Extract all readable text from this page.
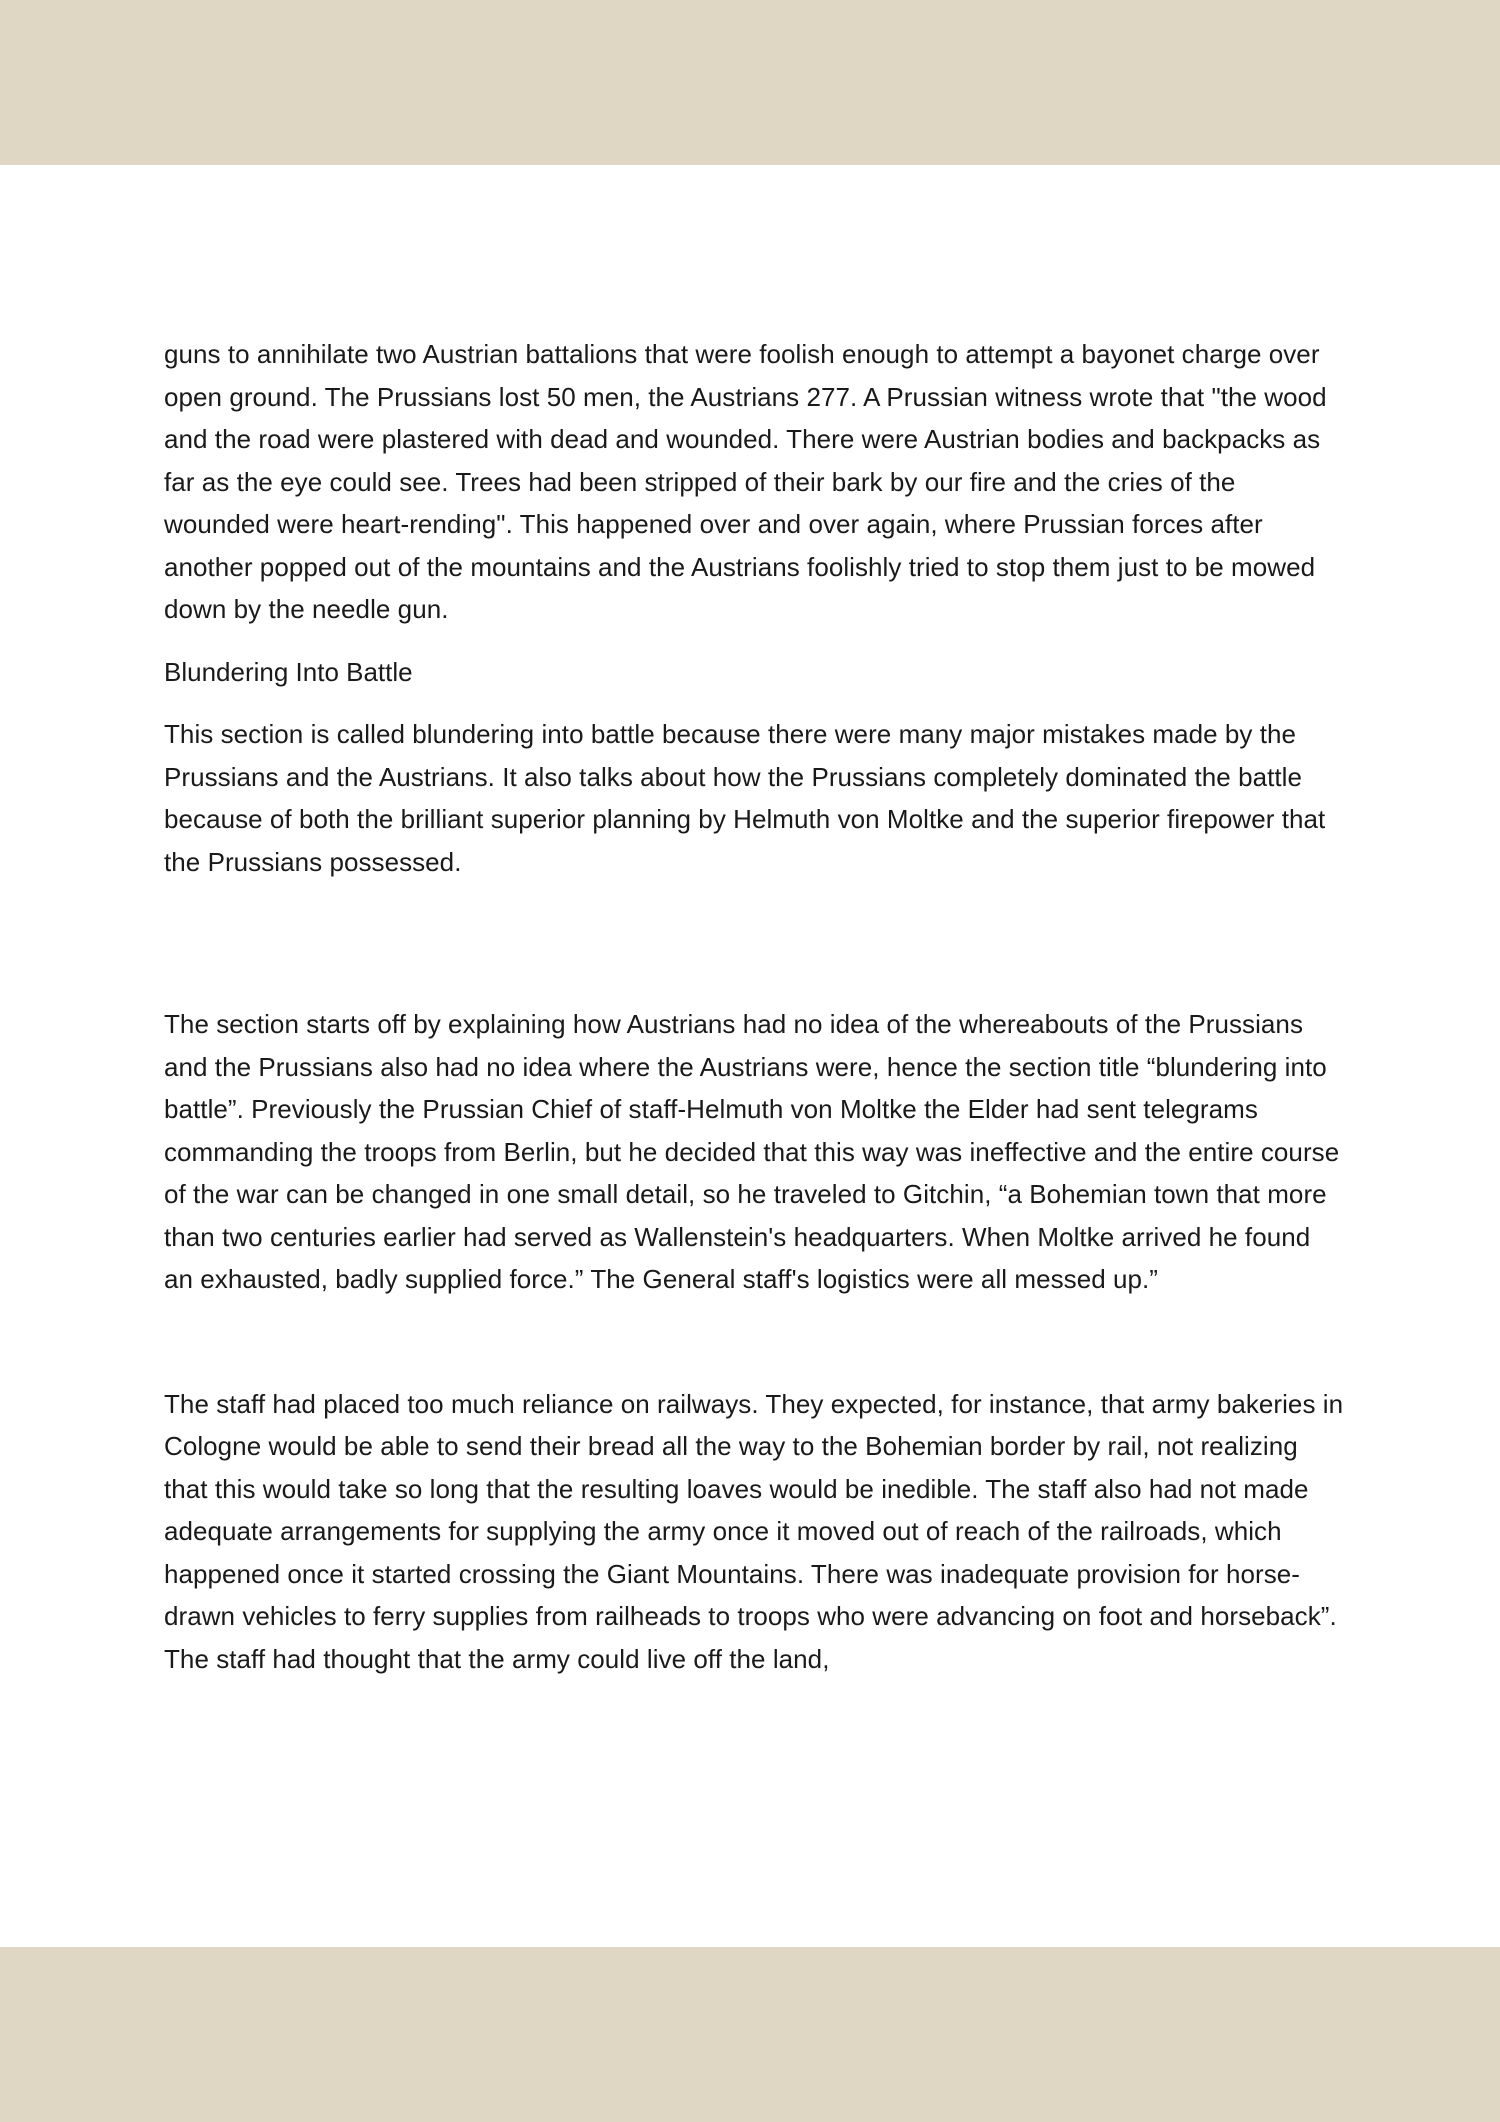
guns to annihilate two Austrian battalions that were foolish enough to attempt a bayonet charge over open ground. The Prussians lost 50 men, the Austrians 277. A Prussian witness wrote that "the wood and the road were plastered with dead and wounded. There were Austrian bodies and backpacks as far as the eye could see. Trees had been stripped of their bark by our fire and the cries of the wounded were heart-rending". This happened over and over again, where Prussian forces after another popped out of the mountains and the Austrians foolishly tried to stop them just to be mowed down by the needle gun.

Blundering Into Battle

This section is called blundering into battle because there were many major mistakes made by the Prussians and the Austrians. It also talks about how the Prussians completely dominated the battle because of both the brilliant superior planning by Helmuth von Moltke and the superior firepower that the Prussians possessed.

The section starts off by explaining how Austrians had no idea of the whereabouts of the Prussians and the Prussians also had no idea where the Austrians were, hence the section title “blundering into battle”. Previously the Prussian Chief of staff-Helmuth von Moltke the Elder had sent telegrams commanding the troops from Berlin, but he decided that this way was ineffective and the entire course of the war can be changed in one small detail, so he traveled to Gitchin, “a Bohemian town that more than two centuries earlier had served as Wallenstein's headquarters. When Moltke arrived he found an exhausted, badly supplied force.” The General staff's logistics were all messed up.”

The staff had placed too much reliance on railways. They expected, for instance, that army bakeries in Cologne would be able to send their bread all the way to the Bohemian border by rail, not realizing that this would take so long that the resulting loaves would be inedible. The staff also had not made adequate arrangements for supplying the army once it moved out of reach of the railroads, which happened once it started crossing the Giant Mountains. There was inadequate provision for horse-drawn vehicles to ferry supplies from railheads to troops who were advancing on foot and horseback”. The staff had thought that the army could live off the land,
